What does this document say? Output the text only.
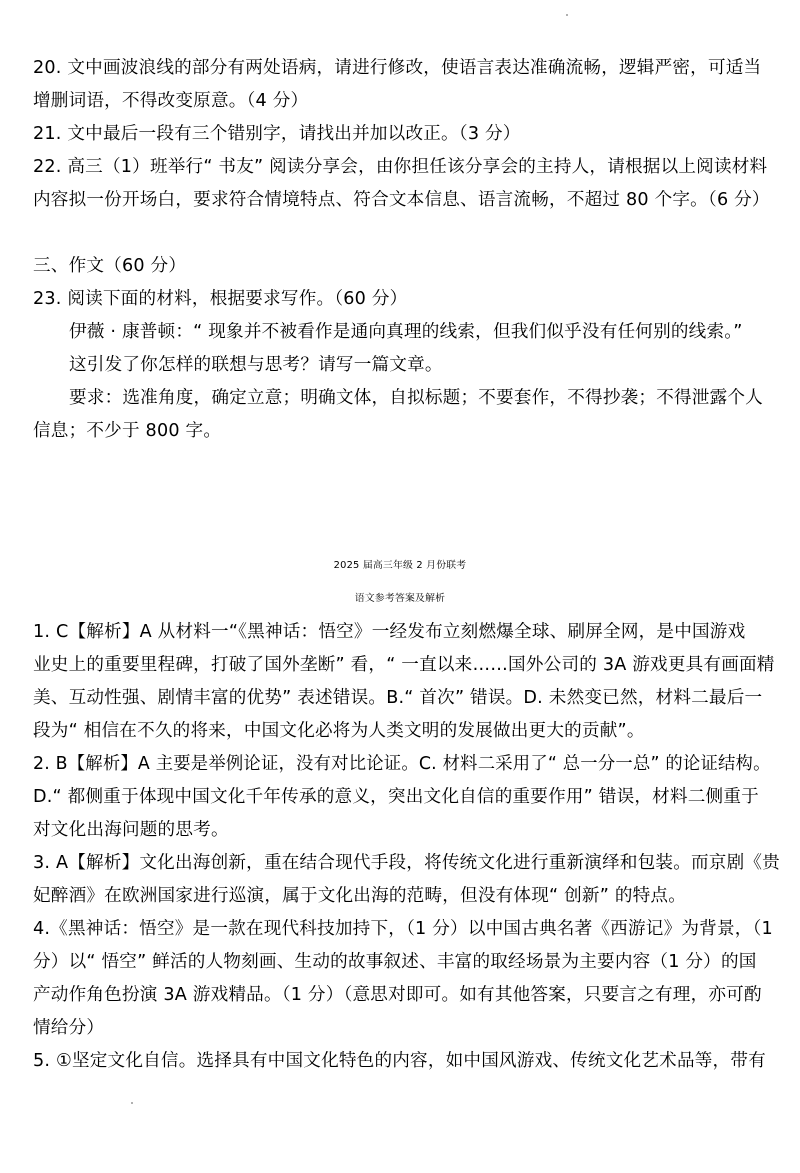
20. 文中画波浪线的部分有两处语病，请进行修改，使语言表达准确流畅，逻辑严密，可适当
增删词语，不得改变原意。（4 分）
21. 文中最后一段有三个错别字，请找出并加以改正。（3 分）
22. 高三（1）班举行“ 书友” 阅读分享会，由你担任该分享会的主持人，请根据以上阅读材料
内容拟一份开场白，要求符合情境特点、符合文本信息、语言流畅，不超过 80 个字。（6 分）
三、作文（60 分）
23. 阅读下面的材料，根据要求写作。（60 分）
伊薇 · 康普顿：“ 现象并不被看作是通向真理的线索，但我们似乎没有任何别的线索。”
这引发了你怎样的联想与思考？请写一篇文章。
要求：选准角度，确定立意；明确文体，自拟标题；不要套作，不得抄袭；不得泄露个人
信息；不少于 800 字。
2025 届高三年级 2 月份联考
语文参考答案及解析
1. C【解析】A 从材料一“《黑神话：悟空》一经发布立刻燃爆全球、刷屏全网，是中国游戏
业史上的重要里程碑，打破了国外垄断” 看，“ 一直以来……国外公司的 3A 游戏更具有画面精
美、互动性强、剧情丰富的优势” 表述错误。B.“ 首次” 错误。D. 未然变已然，材料二最后一
段为“ 相信在不久的将来，中国文化必将为人类文明的发展做出更大的贡献”。
2. B【解析】A 主要是举例论证，没有对比论证。C. 材料二采用了“ 总一分一总” 的论证结构。
D.“ 都侧重于体现中国文化千年传承的意义，突出文化自信的重要作用” 错误，材料二侧重于
对文化出海问题的思考。
3. A【解析】文化出海创新，重在结合现代手段，将传统文化进行重新演绎和包装。而京剧《贵
妃醉酒》在欧洲国家进行巡演，属于文化出海的范畴，但没有体现“ 创新” 的特点。
4.《黑神话：悟空》是一款在现代科技加持下，（1 分）以中国古典名著《西游记》为背景，（1
分）以“ 悟空” 鲜活的人物刻画、生动的故事叙述、丰富的取经场景为主要内容（1 分）的国
产动作角色扮演 3A 游戏精品。（1 分）（意思对即可。如有其他答案，只要言之有理，亦可酌
情给分）
5. ①坚定文化自信。选择具有中国文化特色的内容，如中国风游戏、传统文化艺术品等，带有
